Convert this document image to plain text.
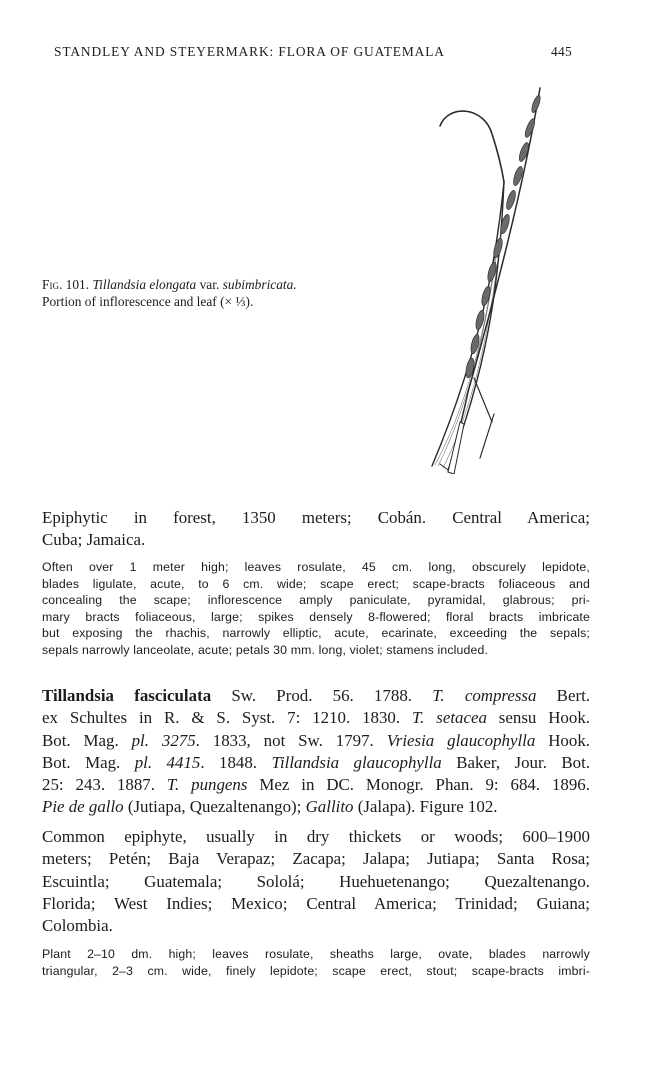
STANDLEY AND STEYERMARK: FLORA OF GUATEMALA	445
Fig. 101. Tillandsia elongata var. subimbricata.
Portion of inflorescence and leaf (× ⅓).
Epiphytic in forest, 1350 meters; Cobán. Central America;
Cuba; Jamaica.
Often over 1 meter high; leaves rosulate, 45 cm. long, obscurely lepidote,
blades ligulate, acute, to 6 cm. wide; scape erect; scape-bracts foliaceous and
concealing the scape; inflorescence amply paniculate, pyramidal, glabrous; pri-
mary bracts foliaceous, large; spikes densely 8-flowered; floral bracts imbricate
but exposing the rhachis, narrowly elliptic, acute, ecarinate, exceeding the sepals;
sepals narrowly lanceolate, acute; petals 30 mm. long, violet; stamens included.
Tillandsia fasciculata Sw. Prod. 56. 1788. T. compressa Bert.
ex Schultes in R. & S. Syst. 7: 1210. 1830. T. setacea sensu Hook.
Bot. Mag. pl. 3275. 1833, not Sw. 1797. Vriesia glaucophylla Hook.
Bot. Mag. pl. 4415. 1848. Tillandsia glaucophylla Baker, Jour. Bot.
25: 243. 1887. T. pungens Mez in DC. Monogr. Phan. 9: 684. 1896.
Pie de gallo (Jutiapa, Quezaltenango); Gallito (Jalapa). Figure 102.
Common epiphyte, usually in dry thickets or woods; 600–1900
meters; Petén; Baja Verapaz; Zacapa; Jalapa; Jutiapa; Santa Rosa;
Escuintla; Guatemala; Sololá; Huehuetenango; Quezaltenango.
Florida; West Indies; Mexico; Central America; Trinidad; Guiana;
Colombia.
Plant 2–10 dm. high; leaves rosulate, sheaths large, ovate, blades narrowly
triangular, 2–3 cm. wide, finely lepidote; scape erect, stout; scape-bracts imbri-
